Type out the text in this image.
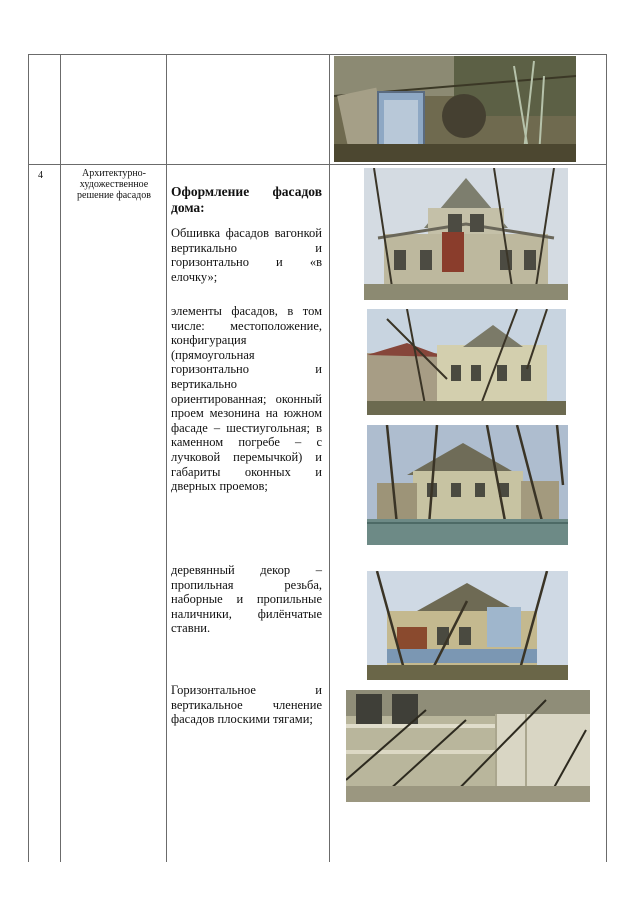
4	Архитектурно-
художественное
решение фасадов	Оформление фасадов дома:
Обшивка фасадов вагонкой вертикально и горизонтально и «в елочку»;
элементы фасадов, в том числе: местоположение, конфигурация (прямоугольная горизонтально и вертикально ориентированная; оконный проем мезонина на южном фасаде – шестиугольная; в каменном погребе – с лучковой перемычкой) и габариты оконных и дверных проемов;
деревянный декор – пропильная резьба, наборные и пропильные наличники, филёнчатые ставни.
Горизонтальное и вертикальное членение фасадов плоскими тягами;
